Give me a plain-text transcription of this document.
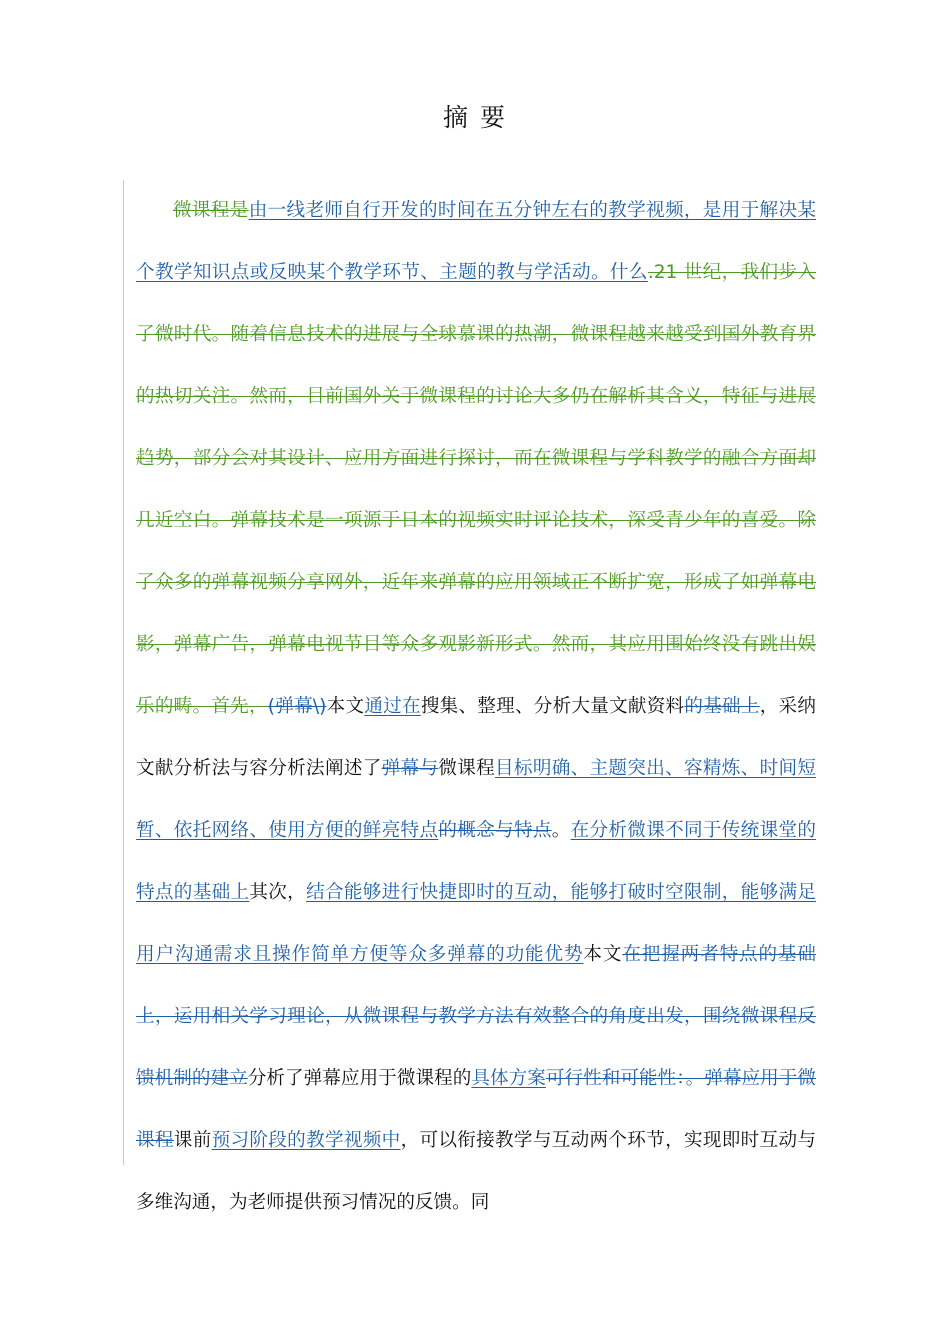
摘 要

微课程是由一线老师自行开发的时间在五分钟左右的教学视频，是用于解决某个教学知识点或反映某个教学环节、主题的教与学活动。什么.21 世纪，我们步入了微时代。随着信息技术的进展与全球慕课的热潮，微课程越来越受到国外教育界的热切关注。然而，目前国外关于微课程的讨论大多仍在解析其含义，特征与进展趋势，部分会对其设计、应用方面进行探讨，而在微课程与学科教学的融合方面却几近空白。弹幕技术是一项源于日本的视频实时评论技术，深受青少年的喜爱。除了众多的弹幕视频分享网外，近年来弹幕的应用领域正不断扩宽，形成了如弹幕电影，弹幕广告，弹幕电视节目等众多观影新形式。然而，其应用围始终没有跳出娱乐的畴。首先，(弹幕\)本文通过在搜集、整理、分析大量文献资料的基础上，采纳文献分析法与容分析法阐述了弹幕与微课程目标明确、主题突出、容精炼、时间短暂、依托网络、使用方便的鲜亮特点的概念与特点。在分析微课不同于传统课堂的特点的基础上其次，结合能够进行快捷即时的互动，能够打破时空限制，能够满足用户沟通需求且操作简单方便等众多弹幕的功能优势本文在把握两者特点的基础上，运用相关学习理论，从微课程与教学方法有效整合的角度出发，围绕微课程反馈机制的建立分析了弹幕应用于微课程的具体方案可行性和可能性：。弹幕应用于微课程课前预习阶段的教学视频中，可以衔接教学与互动两个环节，实现即时互动与多维沟通，为老师提供预习情况的反馈。同
